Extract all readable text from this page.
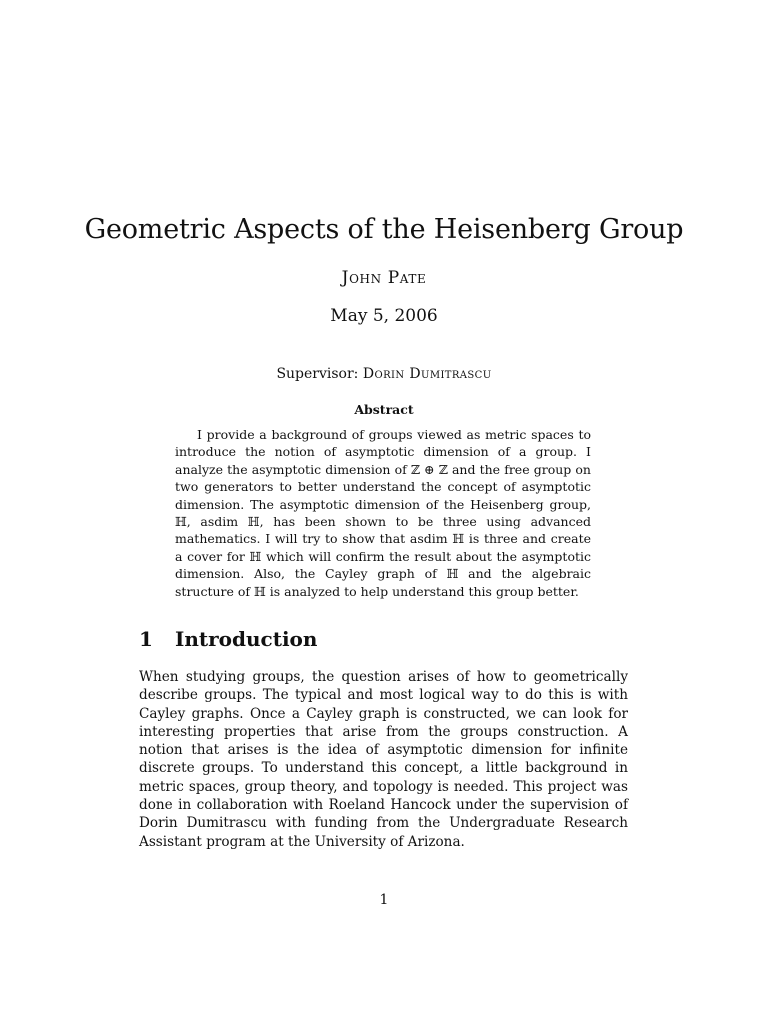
Geometric Aspects of the Heisenberg Group
John Pate
May 5, 2006
Supervisor: Dorin Dumitrascu
Abstract

I provide a background of groups viewed as metric spaces to introduce the notion of asymptotic dimension of a group. I analyze the asymptotic dimension of ℤ ⊕ ℤ and the free group on two generators to better understand the concept of asymptotic dimension. The asymptotic dimension of the Heisenberg group, ℍ, asdim ℍ, has been shown to be three using advanced mathematics. I will try to show that asdim ℍ is three and create a cover for ℍ which will confirm the result about the asymptotic dimension. Also, the Cayley graph of ℍ and the algebraic structure of ℍ is analyzed to help understand this group better.

1 Introduction

When studying groups, the question arises of how to geometrically describe groups. The typical and most logical way to do this is with Cayley graphs. Once a Cayley graph is constructed, we can look for interesting properties that arise from the groups construction. A notion that arises is the idea of asymptotic dimension for infinite discrete groups. To understand this concept, a little background in metric spaces, group theory, and topology is needed. This project was done in collaboration with Roeland Hancock under the supervision of Dorin Dumitrascu with funding from the Undergraduate Research Assistant program at the University of Arizona.

1
